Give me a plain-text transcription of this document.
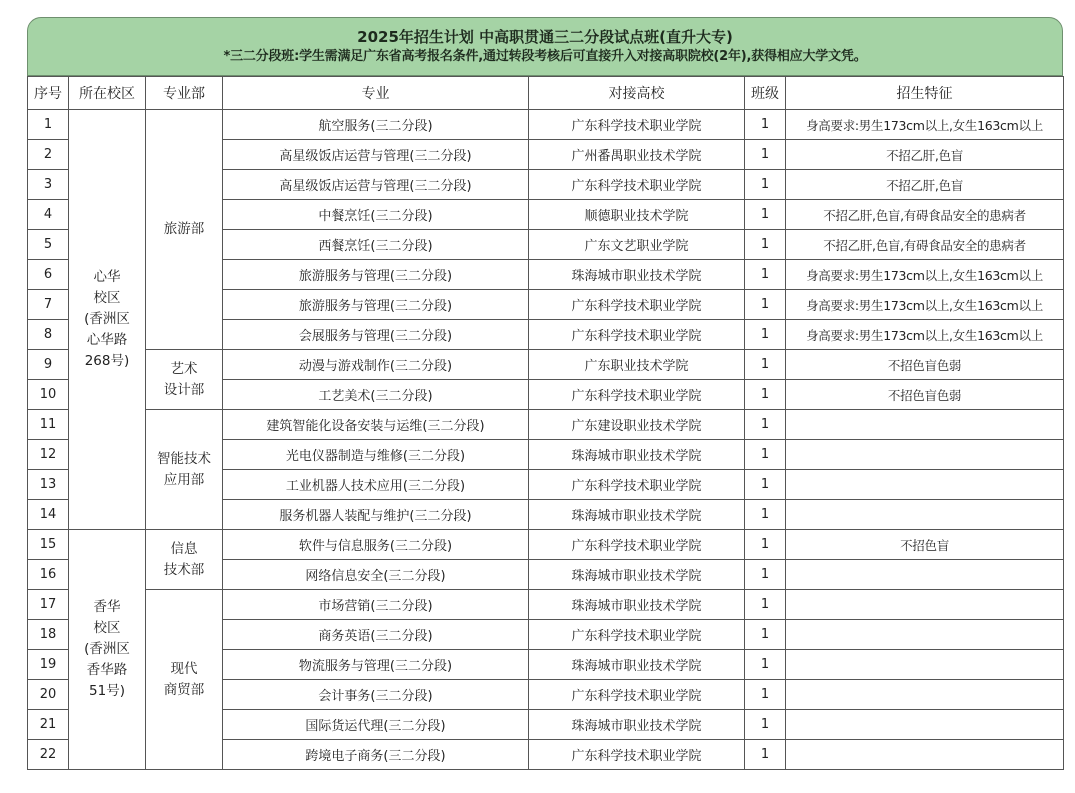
2025年招生计划 中高职贯通三二分段试点班(直升大专)
*三二分段班:学生需满足广东省高考报名条件,通过转段考核后可直接升入对接高职院校(2年),获得相应大学文凭。
序号	所在校区	专业部	专业	对接高校	班级	招生特征
1	心华
校区
(香洲区
心华路
268号)	旅游部	航空服务(三二分段)	广东科学技术职业学院	1	身高要求:男生173cm以上,女生163cm以上
2			高星级饭店运营与管理(三二分段)	广州番禺职业技术学院	1	不招乙肝,色盲
3			高星级饭店运营与管理(三二分段)	广东科学技术职业学院	1	不招乙肝,色盲
4			中餐烹饪(三二分段)	顺德职业技术学院	1	不招乙肝,色盲,有碍食品安全的患病者
5			西餐烹饪(三二分段)	广东文艺职业学院	1	不招乙肝,色盲,有碍食品安全的患病者
6			旅游服务与管理(三二分段)	珠海城市职业技术学院	1	身高要求:男生173cm以上,女生163cm以上
7			旅游服务与管理(三二分段)	广东科学技术职业学院	1	身高要求:男生173cm以上,女生163cm以上
8			会展服务与管理(三二分段)	广东科学技术职业学院	1	身高要求:男生173cm以上,女生163cm以上
9		艺术
设计部	动漫与游戏制作(三二分段)	广东职业技术学院	1	不招色盲色弱
10			工艺美术(三二分段)	广东科学技术职业学院	1	不招色盲色弱
11		智能技术
应用部	建筑智能化设备安装与运维(三二分段)	广东建设职业技术学院	1	
12			光电仪器制造与维修(三二分段)	珠海城市职业技术学院	1	
13			工业机器人技术应用(三二分段)	广东科学技术职业学院	1	
14			服务机器人装配与维护(三二分段)	珠海城市职业技术学院	1	
15	香华
校区
(香洲区
香华路
51号)	信息
技术部	软件与信息服务(三二分段)	广东科学技术职业学院	1	不招色盲
16			网络信息安全(三二分段)	珠海城市职业技术学院	1	
17		现代
商贸部	市场营销(三二分段)	珠海城市职业技术学院	1	
18			商务英语(三二分段)	广东科学技术职业学院	1	
19			物流服务与管理(三二分段)	珠海城市职业技术学院	1	
20			会计事务(三二分段)	广东科学技术职业学院	1	
21			国际货运代理(三二分段)	珠海城市职业技术学院	1	
22			跨境电子商务(三二分段)	广东科学技术职业学院	1	
